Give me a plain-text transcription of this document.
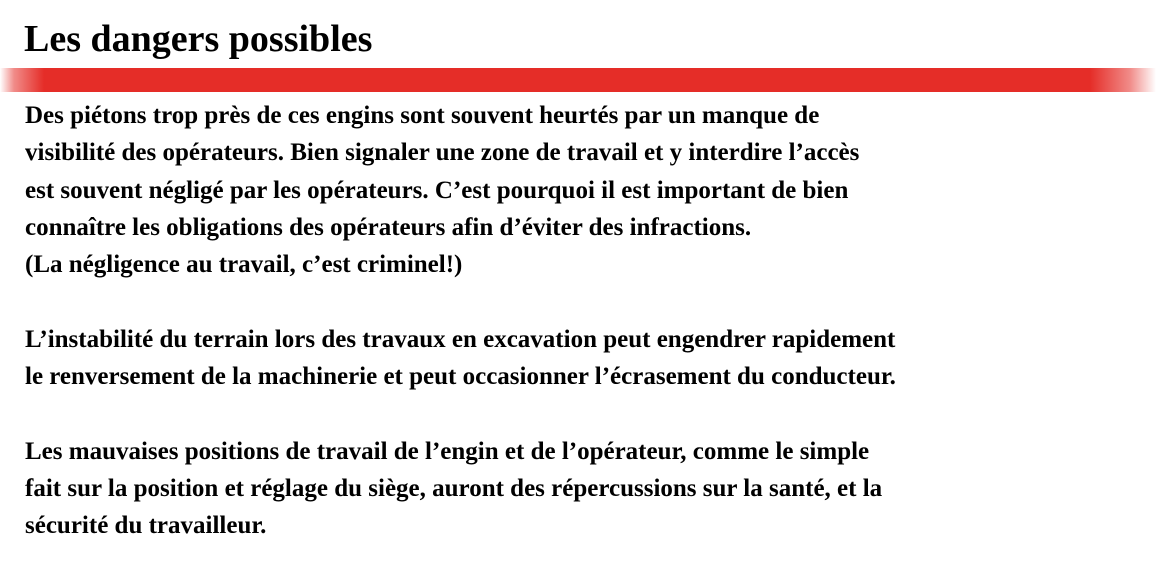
Les dangers possibles

Des piétons trop près de ces engins sont souvent heurtés par un manque de
visibilité des opérateurs. Bien signaler une zone de travail et y interdire l’accès
est souvent négligé par les opérateurs. C’est pourquoi il est important de bien
connaître les obligations des opérateurs afin d’éviter des infractions.
(La négligence au travail, c’est criminel!)

L’instabilité du terrain lors des travaux en excavation peut engendrer rapidement
le renversement de la machinerie et peut occasionner l’écrasement du conducteur.

Les mauvaises positions de travail de l’engin et de l’opérateur, comme le simple
fait sur la position et réglage du siège, auront des répercussions sur la santé, et la
sécurité du travailleur.
